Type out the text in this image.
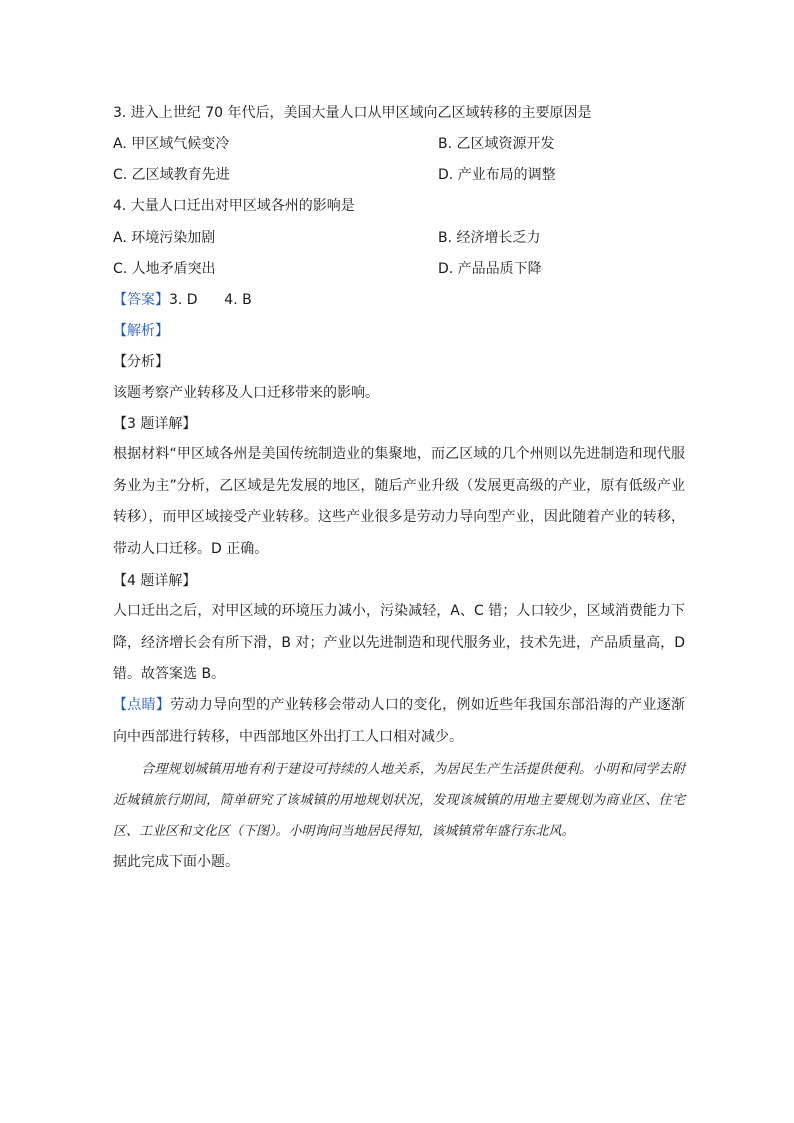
3. 进入上世纪 70 年代后，美国大量人口从甲区域向乙区域转移的主要原因是
A. 甲区域气候变冷	B. 乙区域资源开发
C. 乙区域教育先进	D. 产业布局的调整
4. 大量人口迁出对甲区域各州的影响是
A. 环境污染加剧	B. 经济增长乏力
C. 人地矛盾突出	D. 产品品质下降
【答案】3. D      4. B
【解析】
【分析】
该题考察产业转移及人口迁移带来的影响。
【3 题详解】
根据材料“甲区域各州是美国传统制造业的集聚地，而乙区域的几个州则以先进制造和现代服务业为主”分析，乙区域是先发展的地区，随后产业升级（发展更高级的产业，原有低级产业转移），而甲区域接受产业转移。这些产业很多是劳动力导向型产业，因此随着产业的转移，带动人口迁移。D 正确。
【4 题详解】
人口迁出之后，对甲区域的环境压力减小，污染减轻，A、C 错；人口较少，区域消费能力下降，经济增长会有所下滑，B 对；产业以先进制造和现代服务业，技术先进，产品质量高，D 错。故答案选 B。
【点睛】劳动力导向型的产业转移会带动人口的变化，例如近些年我国东部沿海的产业逐渐向中西部进行转移，中西部地区外出打工人口相对减少。
合理规划城镇用地有利于建设可持续的人地关系，为居民生产生活提供便利。小明和同学去附近城镇旅行期间，简单研究了该城镇的用地规划状况，发现该城镇的用地主要规划为商业区、住宅区、工业区和文化区（下图）。小明询问当地居民得知，该城镇常年盛行东北风。
据此完成下面小题。
